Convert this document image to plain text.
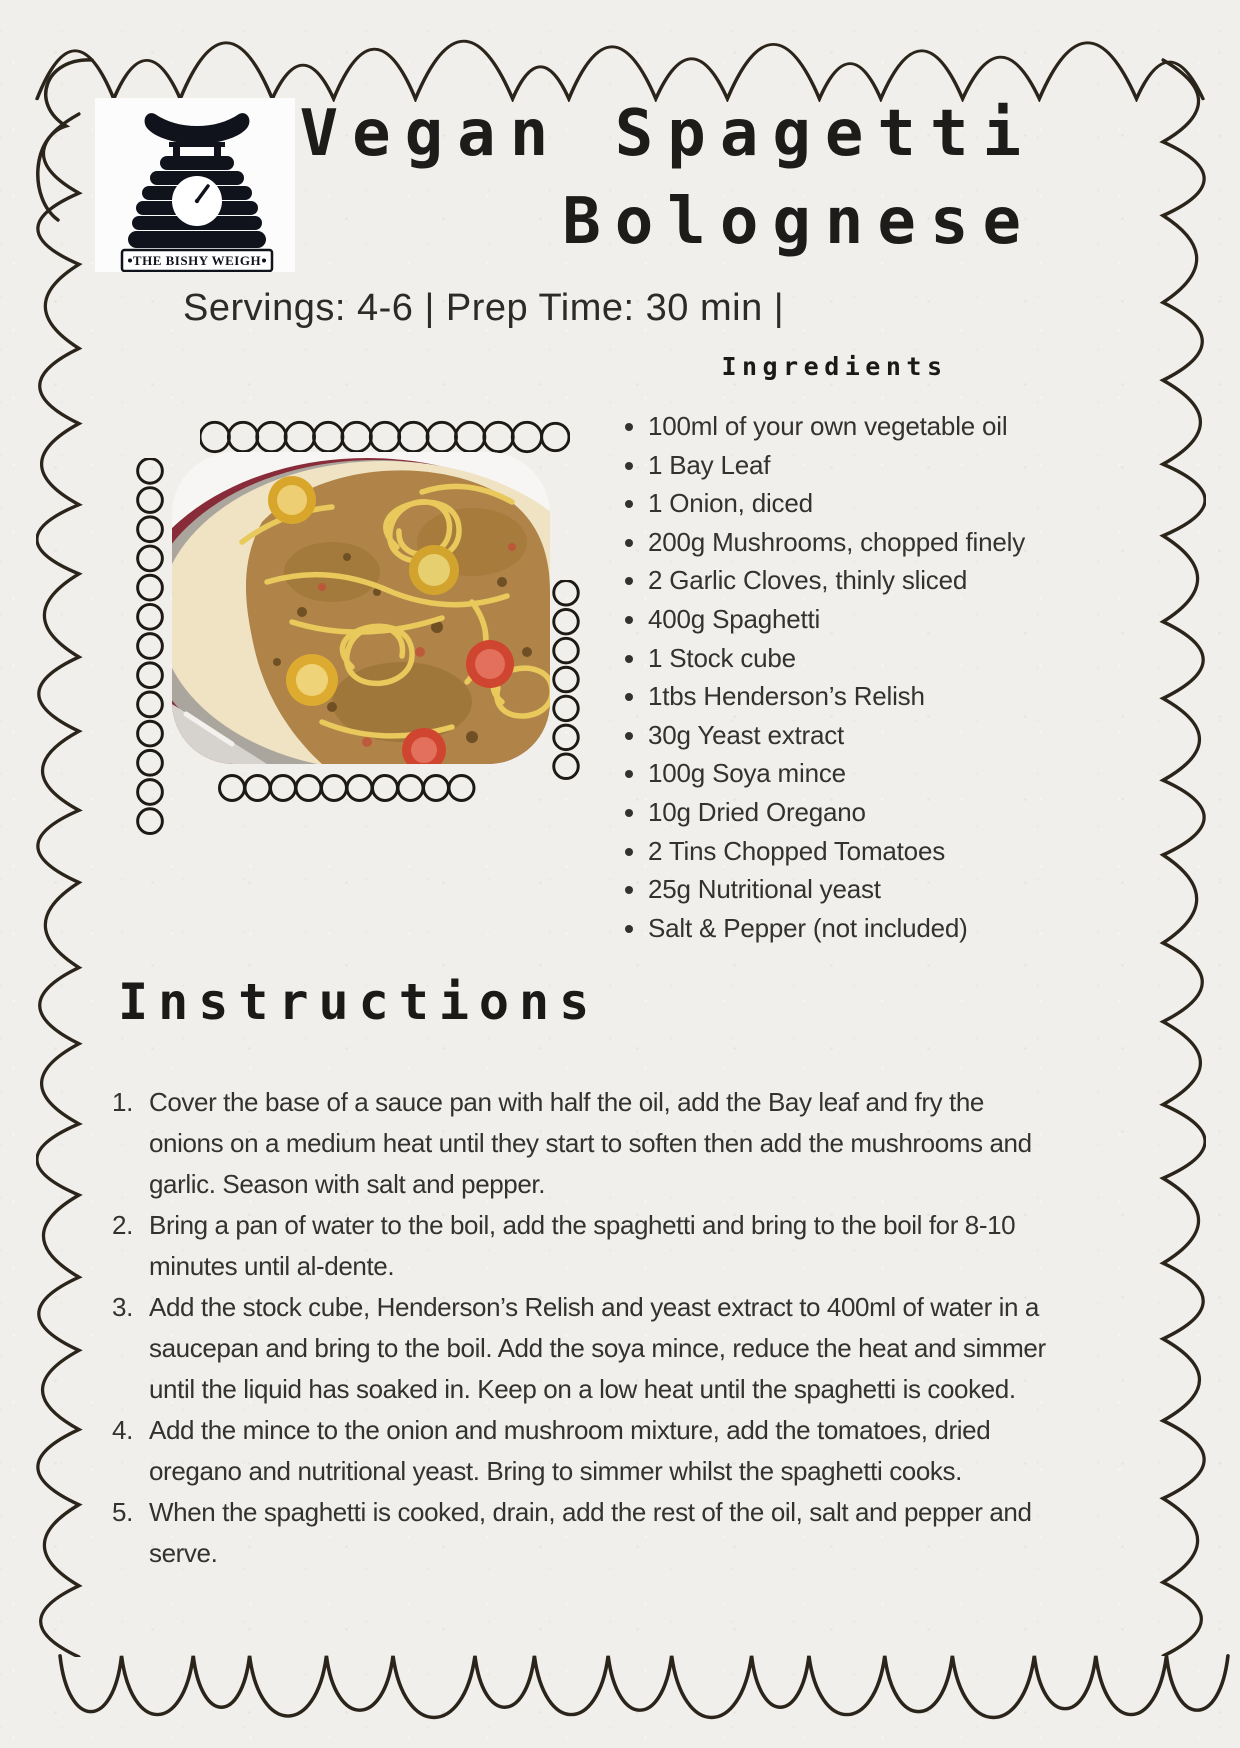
THE BISHY WEIGH
Vegan Spagetti
Bolognese
Servings: 4-6 | Prep Time: 30 min |
Ingredients
• 100ml of your own vegetable oil
• 1 Bay Leaf
• 1 Onion, diced
• 200g Mushrooms, chopped finely
• 2 Garlic Cloves, thinly sliced
• 400g Spaghetti
• 1 Stock cube
• 1tbs Henderson’s Relish
• 30g Yeast extract
• 100g Soya mince
• 10g Dried Oregano
• 2 Tins Chopped Tomatoes
• 25g Nutritional yeast
• Salt & Pepper (not included)
Instructions
Cover the base of a sauce pan with half the oil, add the Bay leaf and fry the onions on a medium heat until they start to soften then add the mushrooms and garlic. Season with salt and pepper.
Bring a pan of water to the boil, add the spaghetti and bring to the boil for 8-10 minutes until al-dente.
Add the stock cube, Henderson’s Relish and yeast extract to 400ml of water in a saucepan and bring to the boil. Add the soya mince, reduce the heat and simmer until the liquid has soaked in. Keep on a low heat until the spaghetti is cooked.
Add the mince to the onion and mushroom mixture, add the tomatoes, dried oregano and nutritional yeast. Bring to simmer whilst the spaghetti cooks.
When the spaghetti is cooked, drain, add the rest of the oil, salt and pepper and serve.
